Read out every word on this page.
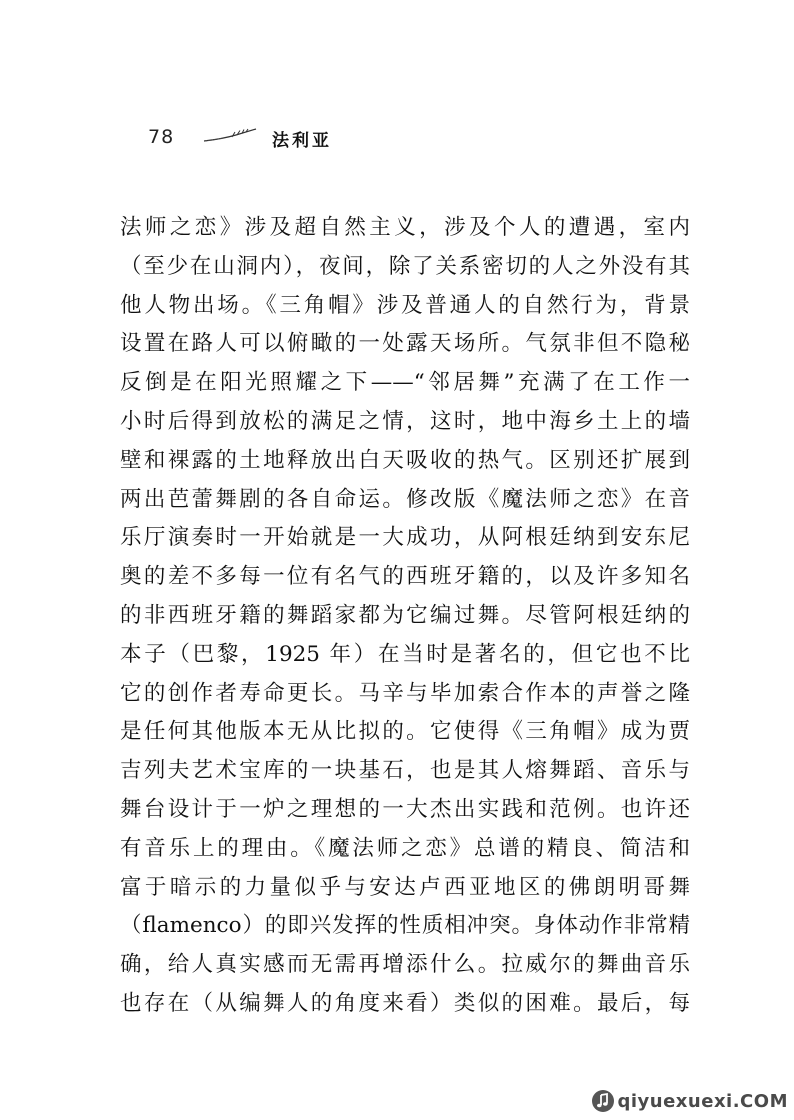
78	法利亚
法师之恋》涉及超自然主义，涉及个人的遭遇，室内
（至少在山洞内），夜间，除了关系密切的人之外没有其
他人物出场。《三角帽》涉及普通人的自然行为，背景
设置在路人可以俯瞰的一处露天场所。气氛非但不隐秘
反倒是在阳光照耀之下——“邻居舞”充满了在工作一
小时后得到放松的满足之情，这时，地中海乡土上的墙
壁和裸露的土地释放出白天吸收的热气。区别还扩展到
两出芭蕾舞剧的各自命运。修改版《魔法师之恋》在音
乐厅演奏时一开始就是一大成功，从阿根廷纳到安东尼
奥的差不多每一位有名气的西班牙籍的，以及许多知名
的非西班牙籍的舞蹈家都为它编过舞。尽管阿根廷纳的
本子（巴黎，1925 年）在当时是著名的，但它也不比
它的创作者寿命更长。马辛与毕加索合作本的声誉之隆
是任何其他版本无从比拟的。它使得《三角帽》成为贾
吉列夫艺术宝库的一块基石，也是其人熔舞蹈、音乐与
舞台设计于一炉之理想的一大杰出实践和范例。也许还
有音乐上的理由。《魔法师之恋》总谱的精良、简洁和
富于暗示的力量似乎与安达卢西亚地区的佛朗明哥舞
（flamenco）的即兴发挥的性质相冲突。身体动作非常精
确，给人真实感而无需再增添什么。拉威尔的舞曲音乐
也存在（从编舞人的角度来看）类似的困难。最后，每
qiyuexuexi.COM
